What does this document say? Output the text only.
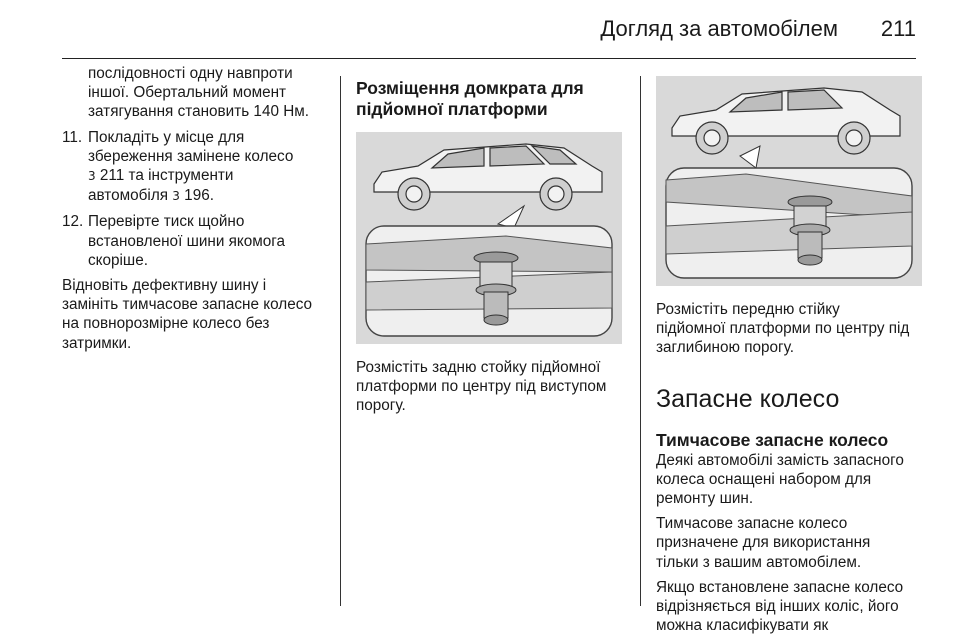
Догляд за автомобілем 211
послідовності одну навпроти
іншої. Обертальний момент
затягування становить 140 Нм.
11. Покладіть у місце для
збереження замінене колесо
3 211 та інструменти
автомобіля 3 196.
12. Перевірте тиск щойно
встановленої шини якомога
скоріше.
Відновіть дефективну шину і
замініть тимчасове запасне колесо
на повнорозмірне колесо без
затримки.
Розміщення домкрата для
підйомної платформи
Розмістіть задню стойку підйомної
платформи по центру під виступом
порогу.
Розмістіть передню стійку
підйомної платформи по центру під
заглибиною порогу.
Запасне колесо
Тимчасове запасне колесо
Деякі автомобілі замість запасного
колеса оснащені набором для
ремонту шин.
Тимчасове запасне колесо
призначене для використання
тільки з вашим автомобілем.
Якщо встановлене запасне колесо
відрізняється від інших коліс, його
можна класифікувати як
